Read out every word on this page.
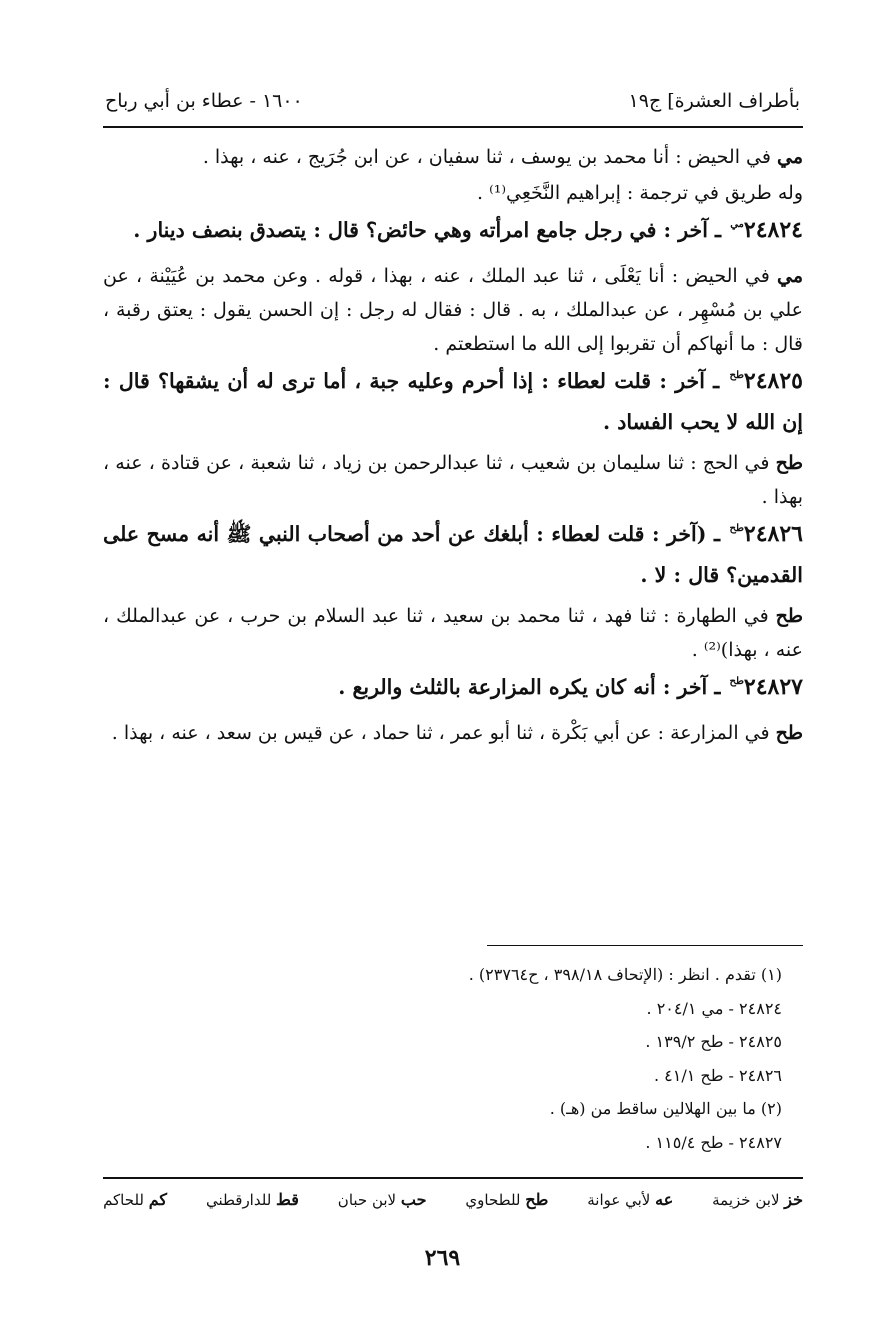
بأطراف العشرة] ج١٩
١٦٠٠ - عطاء بن أبي رباح

مي في الحيض : أنا محمد بن يوسف ، ثنا سفيان ، عن ابن جُرَيج ، عنه ، بهذا .

وله طريق في ترجمة : إبراهيم النَّخَعِي⁽¹⁾ .

$٢٤٨٢٤^{مي}$ ـ آخر : في رجل جامع امرأته وهي حائض؟ قال : يتصدق بنصف دينار .

مي في الحيض : أنا يَعْلَى ، ثنا عبد الملك ، عنه ، بهذا ، قوله . وعن محمد بن عُيَيْنة ، عن علي بن مُسْهِر ، عن عبدالملك ، به . قال : فقال له رجل : إن الحسن يقول : يعتق رقبة ، قال : ما أنهاكم أن تقربوا إلى الله ما استطعتم .

$٢٤٨٢٥^{طح}$ ـ آخر : قلت لعطاء : إذا أحرم وعليه جبة ، أما ترى له أن يشقها؟ قال : إن الله لا يحب الفساد .

طح في الحج : ثنا سليمان بن شعيب ، ثنا عبدالرحمن بن زياد ، ثنا شعبة ، عن قتادة ، عنه ، بهذا .

$٢٤٨٢٦^{طح}$ ـ (آخر : قلت لعطاء : أبلغك عن أحد من أصحاب النبي ﷺ أنه مسح على القدمين؟ قال : لا .

طح في الطهارة : ثنا فهد ، ثنا محمد بن سعيد ، ثنا عبد السلام بن حرب ، عن عبدالملك ، عنه ، بهذا)⁽²⁾ .

$٢٤٨٢٧^{طح}$ ـ آخر : أنه كان يكره المزارعة بالثلث والربع .

طح في المزارعة : عن أبي بَكْرة ، ثنا أبو عمر ، ثنا حماد ، عن قيس بن سعد ، عنه ، بهذا .

(١) تقدم . انظر : (الإتحاف ٣٩٨/١٨ ، ح٢٣٧٦٤) .
٢٤٨٢٤ - مي ٢٠٤/١ .
٢٤٨٢٥ - طح ١٣٩/٢ .
٢٤٨٢٦ - طح ٤١/١ .
(٢) ما بين الهلالين ساقط من (هـ) .
٢٤٨٢٧ - طح ١١٥/٤ .
خز لابن خزيمة
عه لأبي عوانة
طح للطحاوي
حب لابن حبان
قط للدارقطني
كم للحاكم
٢٦٩
